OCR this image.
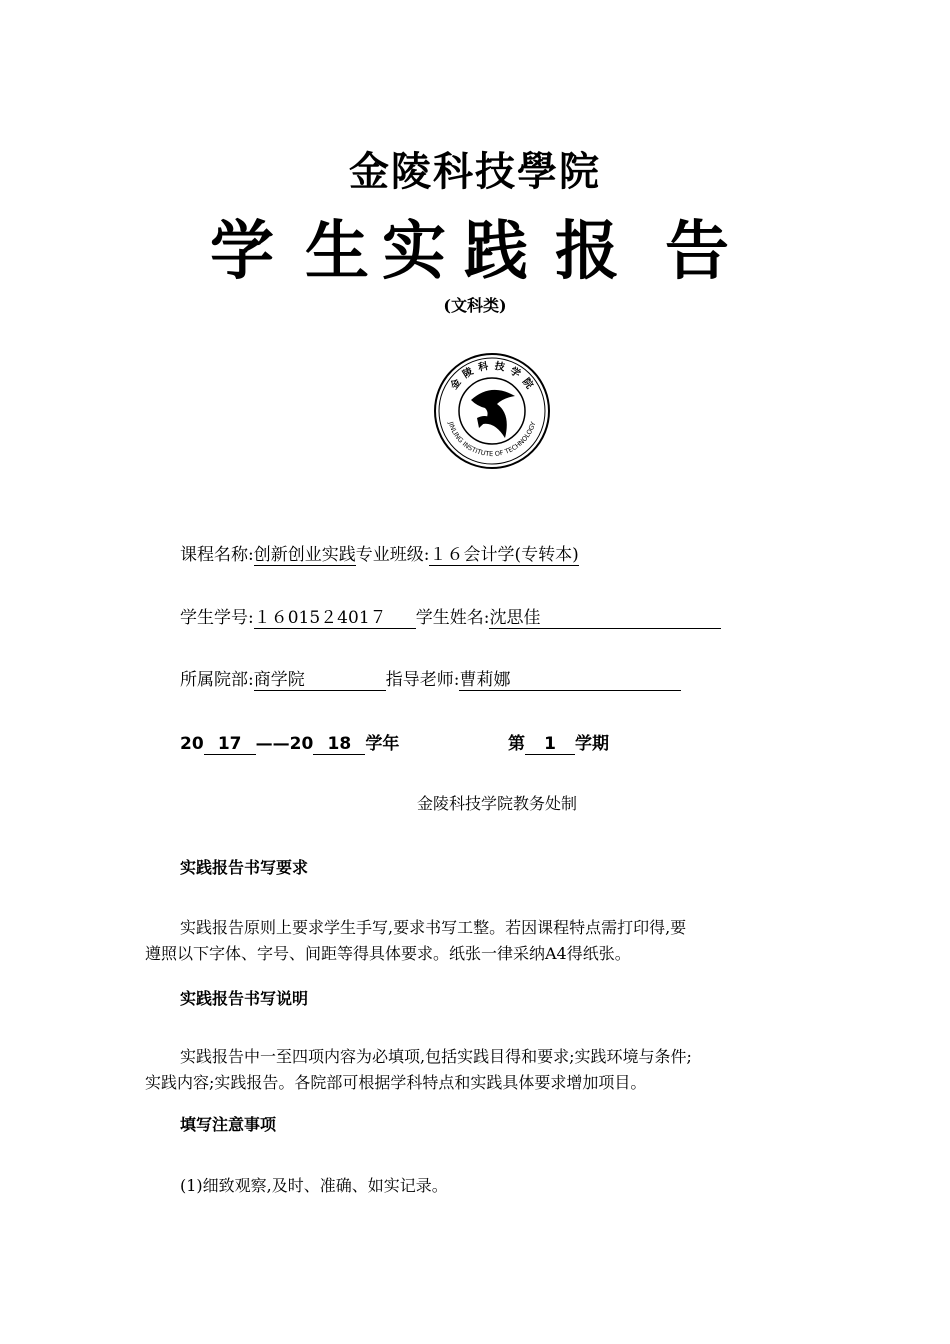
金陵科技學院
学 生 实 践 报 告
(文科类)
金 陵 科 技 学 院
JINLING INSTITUTE OF TECHNOLOGY
课程名称:创新创业实践专业班级:１６会计学(专转本)
学生学号:１６015２401７ 学生姓名:沈思佳
所属院部:商学院	指导老师:曹莉娜
20 17 ——20 18 学年	第 1 学期
金陵科技学院教务处制
实践报告书写要求
实践报告原则上要求学生手写,要求书写工整。若因课程特点需打印得,要
遵照以下字体、字号、间距等得具体要求。纸张一律采纳A4得纸张。
实践报告书写说明
实践报告中一至四项内容为必填项,包括实践目得和要求;实践环境与条件;
实践内容;实践报告。各院部可根据学科特点和实践具体要求增加项目。
填写注意事项
(1)细致观察,及时、准确、如实记录。
